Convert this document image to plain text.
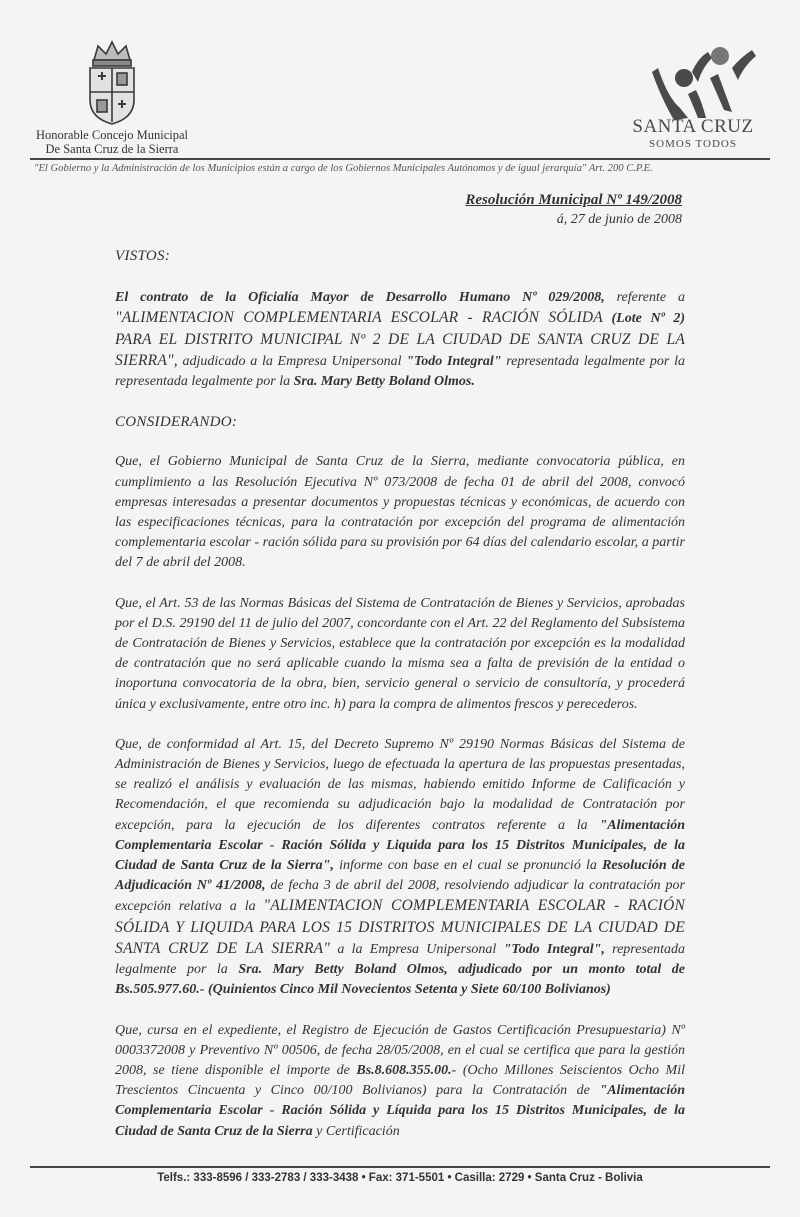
Honorable Concejo Municipal
De Santa Cruz de la Sierra
SANTA CRUZ
SOMOS TODOS
"El Gobierno y la Administración de los Municipios están a cargo de los Gobiernos Municipales Autónomos y de igual jerarquía" Art. 200 C.P.E.
Resolución Municipal Nº 149/2008
á, 27 de junio de 2008

VISTOS:

El contrato de la Oficialía Mayor de Desarrollo Humano Nº 029/2008, referente a "ALIMENTACION COMPLEMENTARIA ESCOLAR - RACIÓN SÓLIDA (Lote Nº 2) PARA EL DISTRITO MUNICIPAL Nº 2 DE LA CIUDAD DE SANTA CRUZ DE LA SIERRA", adjudicado a la Empresa Unipersonal "Todo Integral" representada legalmente por la representada legalmente por la Sra. Mary Betty Boland Olmos.

CONSIDERANDO:

Que, el Gobierno Municipal de Santa Cruz de la Sierra, mediante convocatoria pública, en cumplimiento a las Resolución Ejecutiva Nº 073/2008 de fecha 01 de abril del 2008, convocó empresas interesadas a presentar documentos y propuestas técnicas y económicas, de acuerdo con las especificaciones técnicas, para la contratación por excepción del programa de alimentación complementaria escolar - ración sólida para su provisión por 64 días del calendario escolar, a partir del 7 de abril del 2008.

Que, el Art. 53 de las Normas Básicas del Sistema de Contratación de Bienes y Servicios, aprobadas por el D.S. 29190 del 11 de julio del 2007, concordante con el Art. 22 del Reglamento del Subsistema de Contratación de Bienes y Servicios, establece que la contratación por excepción es la modalidad de contratación que no será aplicable cuando la misma sea a falta de previsión de la entidad o inoportuna convocatoria de la obra, bien, servicio general o servicio de consultoría, y procederá única y exclusivamente, entre otro inc. h) para la compra de alimentos frescos y perecederos.

Que, de conformidad al Art. 15, del Decreto Supremo Nº 29190 Normas Básicas del Sistema de Administración de Bienes y Servicios, luego de efectuada la apertura de las propuestas presentadas, se realizó el análisis y evaluación de las mismas, habiendo emitido Informe de Calificación y Recomendación, el que recomienda su adjudicación bajo la modalidad de Contratación por excepción, para la ejecución de los diferentes contratos referente a la "Alimentación Complementaria Escolar - Ración Sólida y Liquida para los 15 Distritos Municipales, de la Ciudad de Santa Cruz de la Sierra", informe con base en el cual se pronunció la Resolución de Adjudicación Nº 41/2008, de fecha 3 de abril del 2008, resolviendo adjudicar la contratación por excepción relativa a la "ALIMENTACION COMPLEMENTARIA ESCOLAR - RACIÓN SÓLIDA Y LIQUIDA PARA LOS 15 DISTRITOS MUNICIPALES DE LA CIUDAD DE SANTA CRUZ DE LA SIERRA" a la Empresa Unipersonal "Todo Integral", representada legalmente por la Sra. Mary Betty Boland Olmos, adjudicado por un monto total de Bs.505.977.60.- (Quinientos Cinco Mil Novecientos Setenta y Siete 60/100 Bolivianos)

Que, cursa en el expediente, el Registro de Ejecución de Gastos Certificación Presupuestaria) Nº 0003372008 y Preventivo Nº 00506, de fecha 28/05/2008, en el cual se certifica que para la gestión 2008, se tiene disponible el importe de Bs.8.608.355.00.- (Ocho Millones Seiscientos Ocho Mil Trescientos Cincuenta y Cinco 00/100 Bolivianos) para la Contratación de "Alimentación Complementaria Escolar - Ración Sólida y Líquida para los 15 Distritos Municipales, de la Ciudad de Santa Cruz de la Sierra y Certificación

Telfs.: 333-8596 / 333-2783 / 333-3438 • Fax: 371-5501 • Casilla: 2729 • Santa Cruz - Bolivia
